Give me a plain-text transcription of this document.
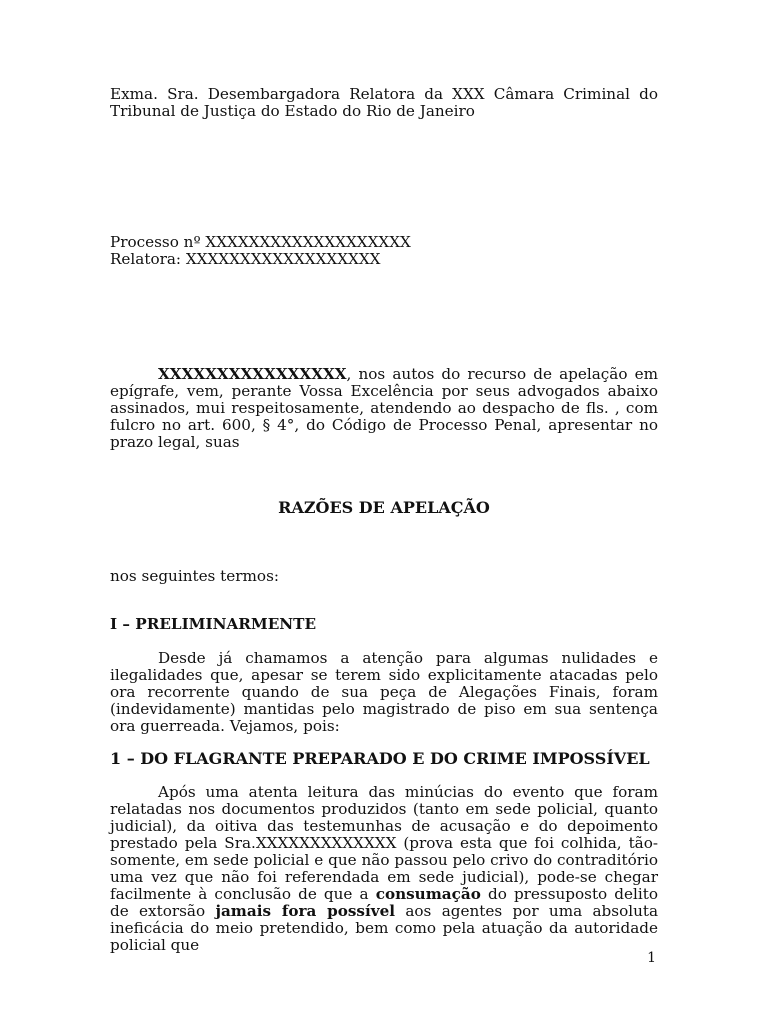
Exma. Sra. Desembargadora Relatora da XXX Câmara Criminal do
Tribunal de Justiça do Estado do Rio de Janeiro
Processo nº XXXXXXXXXXXXXXXXXXX
Relatora: XXXXXXXXXXXXXXXXXX
XXXXXXXXXXXXXXXX, nos autos do recurso de apelação em epígrafe, vem, perante Vossa Excelência por seus advogados abaixo assinados, mui respeitosamente, atendendo ao despacho de fls. , com fulcro no art. 600, § 4°, do Código de Processo Penal, apresentar no prazo legal, suas
RAZÕES DE APELAÇÃO
nos seguintes termos:
I – PRELIMINARMENTE
Desde já chamamos a atenção para algumas nulidades e ilegalidades que, apesar se terem sido explicitamente atacadas pelo ora recorrente quando de sua peça de Alegações Finais, foram (indevidamente) mantidas pelo magistrado de piso em sua sentença ora guerreada. Vejamos, pois:
1 – DO FLAGRANTE PREPARADO E DO CRIME IMPOSSÍVEL
Após uma atenta leitura das minúcias do evento que foram relatadas nos documentos produzidos (tanto em sede policial, quanto judicial), da oitiva das testemunhas de acusação e do depoimento prestado pela Sra.XXXXXXXXXXXXX (prova esta que foi colhida, tão-somente, em sede policial e que não passou pelo crivo do contraditório uma vez que não foi referendada em sede judicial), pode-se chegar facilmente à conclusão de que a consumação do pressuposto delito de extorsão jamais fora possível aos agentes por uma absoluta ineficácia do meio pretendido, bem como pela atuação da autoridade policial que
1
